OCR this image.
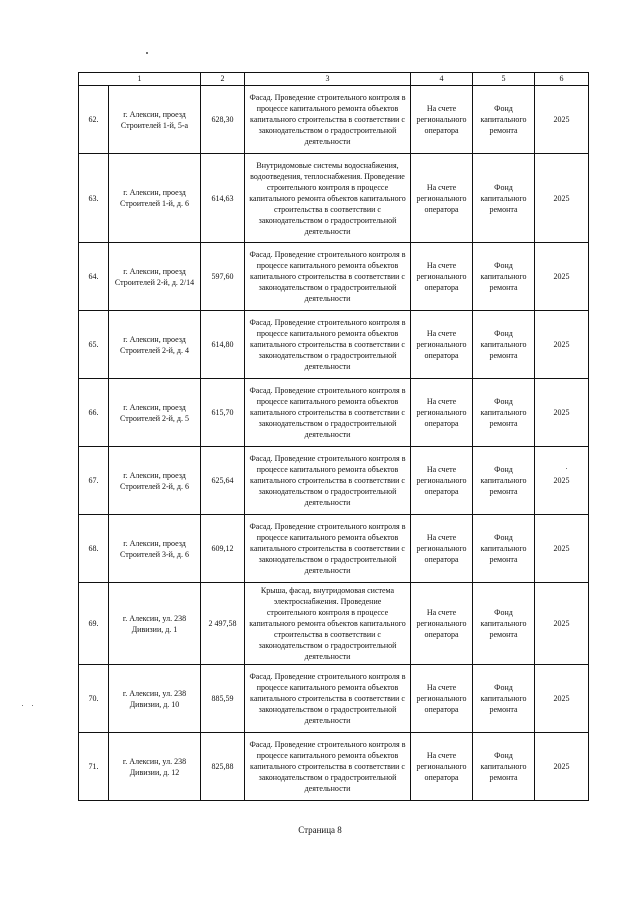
1		2	3	4	5	6
62.	г. Алексин, проезд Строителей 1-й, 5-а	628,30	Фасад. Проведение строительного контроля в процессе капитального ремонта объектов капитального строительства в соответствии с законодательством о градостроительной деятельности	На счете регионального оператора	Фонд капитального ремонта	2025
63.	г. Алексин, проезд Строителей 1-й, д. 6	614,63	Внутридомовые системы водоснабжения, водоотведения, теплоснабжения. Проведение строительного контроля в процессе капитального ремонта объектов капитального строительства в соответствии с законодательством о градостроительной деятельности	На счете регионального оператора	Фонд капитального ремонта	2025
64.	г. Алексин, проезд Строителей 2-й, д. 2/14	597,60	Фасад. Проведение строительного контроля в процессе капитального ремонта объектов капитального строительства в соответствии с законодательством о градостроительной деятельности	На счете регионального оператора	Фонд капитального ремонта	2025
65.	г. Алексин, проезд Строителей 2-й, д. 4	614,80	Фасад. Проведение строительного контроля в процессе капитального ремонта объектов капитального строительства в соответствии с законодательством о градостроительной деятельности	На счете регионального оператора	Фонд капитального ремонта	2025
66.	г. Алексин, проезд Строителей 2-й, д. 5	615,70	Фасад. Проведение строительного контроля в процессе капитального ремонта объектов капитального строительства в соответствии с законодательством о градостроительной деятельности	На счете регионального оператора	Фонд капитального ремонта	2025
67.	г. Алексин, проезд Строителей 2-й, д. 6	625,64	Фасад. Проведение строительного контроля в процессе капитального ремонта объектов капитального строительства в соответствии с законодательством о градостроительной деятельности	На счете регионального оператора	Фонд капитального ремонта	2025
68.	г. Алексин, проезд Строителей 3-й, д. 6	609,12	Фасад. Проведение строительного контроля в процессе капитального ремонта объектов капитального строительства в соответствии с законодательством о градостроительной деятельности	На счете регионального оператора	Фонд капитального ремонта	2025
69.	г. Алексин, ул. 238 Дивизии, д. 1	2 497,58	Крыша, фасад, внутридомовая система электроснабжения. Проведение строительного контроля в процессе капитального ремонта объектов капитального строительства в соответствии с законодательством о градостроительной деятельности	На счете регионального оператора	Фонд капитального ремонта	2025
70.	г. Алексин, ул. 238 Дивизии, д. 10	885,59	Фасад. Проведение строительного контроля в процессе капитального ремонта объектов капитального строительства в соответствии с законодательством о градостроительной деятельности	На счете регионального оператора	Фонд капитального ремонта	2025
71.	г. Алексин, ул. 238 Дивизии, д. 12	825,88	Фасад. Проведение строительного контроля в процессе капитального ремонта объектов капитального строительства в соответствии с законодательством о градостроительной деятельности	На счете регионального оператора	Фонд капитального ремонта	2025
Страница 8
